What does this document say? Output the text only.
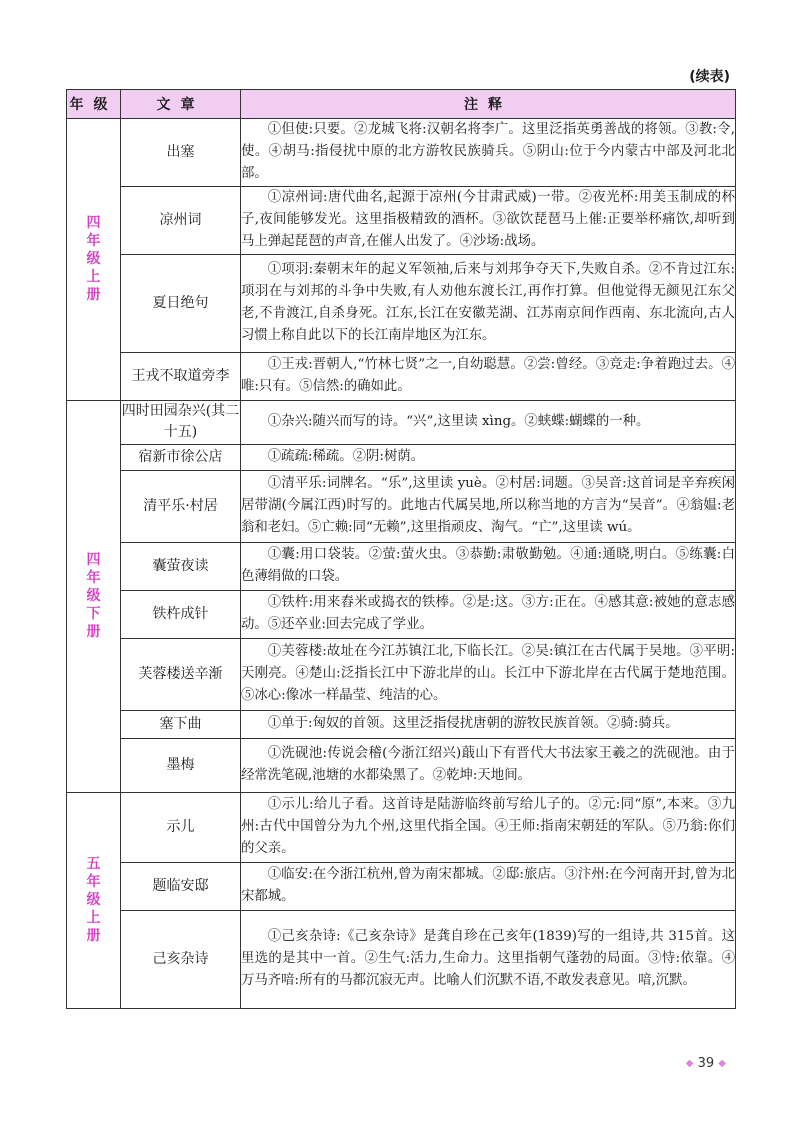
(续表)
年级	文章	注释
四年级上册	出塞	①但使:只要。②龙城飞将:汉朝名将李广。这里泛指英勇善战的将领。③教:令,使。④胡马:指侵扰中原的北方游牧民族骑兵。⑤阴山:位于今内蒙古中部及河北北部。
	凉州词	①凉州词:唐代曲名,起源于凉州(今甘肃武威)一带。②夜光杯:用美玉制成的杯子,夜间能够发光。这里指极精致的酒杯。③欲饮琵琶马上催:正要举杯痛饮,却听到马上弹起琵琶的声音,在催人出发了。④沙场:战场。
	夏日绝句	①项羽:秦朝末年的起义军领袖,后来与刘邦争夺天下,失败自杀。②不肯过江东:项羽在与刘邦的斗争中失败,有人劝他东渡长江,再作打算。但他觉得无颜见江东父老,不肯渡江,自杀身死。江东,长江在安徽芜湖、江苏南京间作西南、东北流向,古人习惯上称自此以下的长江南岸地区为江东。
	王戎不取道旁李	①王戎:晋朝人,“竹林七贤”之一,自幼聪慧。②尝:曾经。③竞走:争着跑过去。④唯:只有。⑤信然:的确如此。
四年级下册	四时田园杂兴(其二十五)	①杂兴:随兴而写的诗。“兴”,这里读 xìng。②蛱蝶:蝴蝶的一种。
	宿新市徐公店	①疏疏:稀疏。②阴:树荫。
	清平乐·村居	①清平乐:词牌名。“乐”,这里读 yuè。②村居:词题。③吴音:这首词是辛弃疾闲居带湖(今属江西)时写的。此地古代属吴地,所以称当地的方言为“吴音”。④翁媪:老翁和老妇。⑤亡赖:同“无赖”,这里指顽皮、淘气。“亡”,这里读 wú。
	囊萤夜读	①囊:用口袋装。②萤:萤火虫。③恭勤:肃敬勤勉。④通:通晓,明白。⑤练囊:白色薄绢做的口袋。
	铁杵成针	①铁杵:用来舂米或捣衣的铁棒。②是:这。③方:正在。④感其意:被她的意志感动。⑤还卒业:回去完成了学业。
	芙蓉楼送辛渐	①芙蓉楼:故址在今江苏镇江北,下临长江。②吴:镇江在古代属于吴地。③平明:天刚亮。④楚山:泛指长江中下游北岸的山。长江中下游北岸在古代属于楚地范围。⑤冰心:像冰一样晶莹、纯洁的心。
	塞下曲	①单于:匈奴的首领。这里泛指侵扰唐朝的游牧民族首领。②骑:骑兵。
	墨梅	①洗砚池:传说会稽(今浙江绍兴)蕺山下有晋代大书法家王羲之的洗砚池。由于经常洗笔砚,池塘的水都染黑了。②乾坤:天地间。
五年级上册	示儿	①示儿:给儿子看。这首诗是陆游临终前写给儿子的。②元:同“原”,本来。③九州:古代中国曾分为九个州,这里代指全国。④王师:指南宋朝廷的军队。⑤乃翁:你们的父亲。
	题临安邸	①临安:在今浙江杭州,曾为南宋都城。②邸:旅店。③汴州:在今河南开封,曾为北宋都城。
	己亥杂诗	①己亥杂诗:《己亥杂诗》是龚自珍在己亥年(1839)写的一组诗,共 315首。这里选的是其中一首。②生气:活力,生命力。这里指朝气蓬勃的局面。③恃:依靠。④万马齐喑:所有的马都沉寂无声。比喻人们沉默不语,不敢发表意见。喑,沉默。
◆ 39 ◆
